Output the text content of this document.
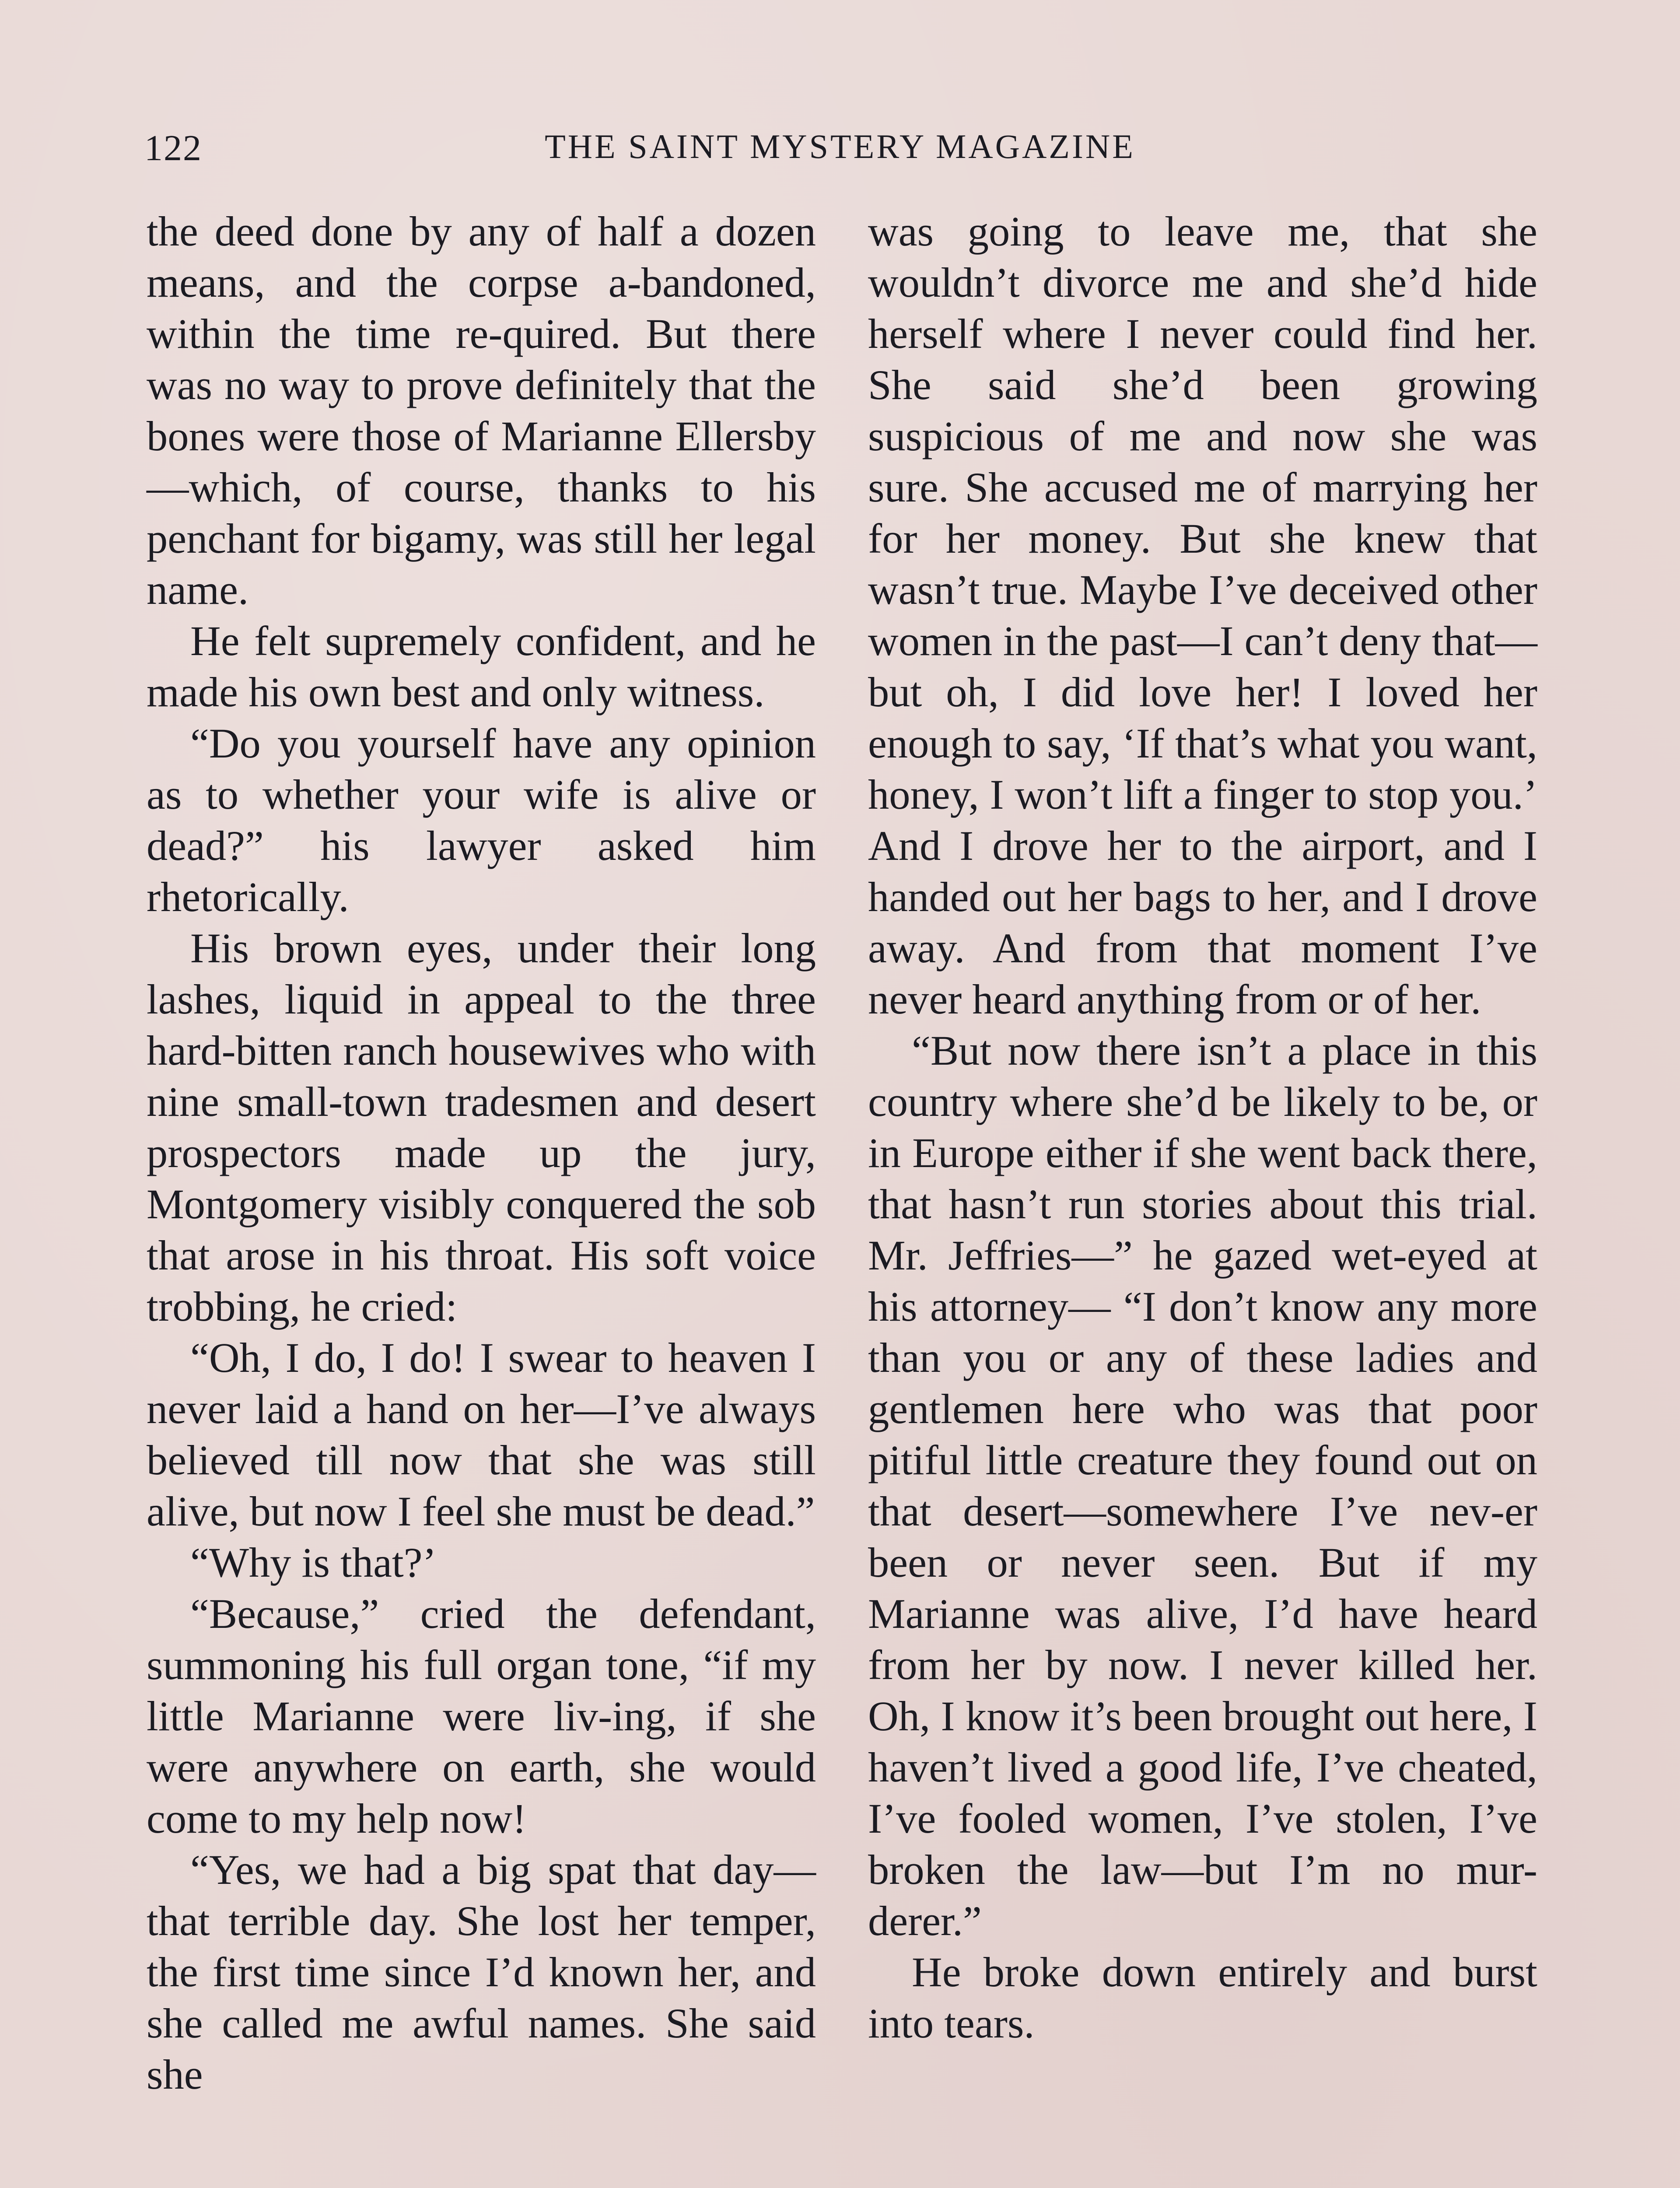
122	THE SAINT MYSTERY MAGAZINE

the deed done by any of half a dozen means, and the corpse a-bandoned, within the time re-quired. But there was no way to prove definitely that the bones were those of Marianne Ellersby —which, of course, thanks to his penchant for bigamy, was still her legal name.

He felt supremely confident, and he made his own best and only witness.

“Do you yourself have any opinion as to whether your wife is alive or dead?” his lawyer asked him rhetorically.

His brown eyes, under their long lashes, liquid in appeal to the three hard-bitten ranch housewives who with nine small-town tradesmen and desert prospectors made up the jury, Montgomery visibly conquered the sob that arose in his throat. His soft voice trobbing, he cried:

“Oh, I do, I do! I swear to heaven I never laid a hand on her—I’ve always believed till now that she was still alive, but now I feel she must be dead.”

“Why is that?’

“Because,” cried the defendant, summoning his full organ tone, “if my little Marianne were liv-ing, if she were anywhere on earth, she would come to my help now!

“Yes, we had a big spat that day—that terrible day. She lost her temper, the first time since I’d known her, and she called me awful names. She said she

was going to leave me, that she wouldn’t divorce me and she’d hide herself where I never could find her. She said she’d been growing suspicious of me and now she was sure. She accused me of marrying her for her money. But she knew that wasn’t true. Maybe I’ve deceived other women in the past—I can’t deny that—but oh, I did love her! I loved her enough to say, ‘If that’s what you want, honey, I won’t lift a finger to stop you.’ And I drove her to the airport, and I handed out her bags to her, and I drove away. And from that moment I’ve never heard anything from or of her.

“But now there isn’t a place in this country where she’d be likely to be, or in Europe either if she went back there, that hasn’t run stories about this trial. Mr. Jeffries—” he gazed wet-eyed at his attorney— “I don’t know any more than you or any of these ladies and gentlemen here who was that poor pitiful little creature they found out on that desert—somewhere I’ve nev-er been or never seen. But if my Marianne was alive, I’d have heard from her by now. I never killed her. Oh, I know it’s been brought out here, I haven’t lived a good life, I’ve cheated, I’ve fooled women, I’ve stolen, I’ve broken the law—but I’m no mur-derer.”

He broke down entirely and burst into tears.
